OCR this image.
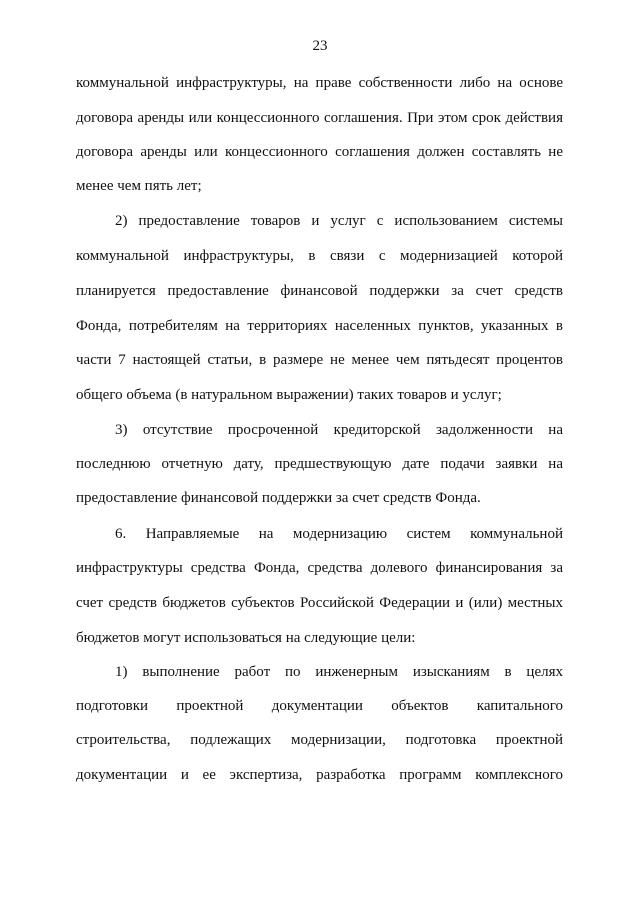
23
коммунальной инфраструктуры, на праве собственности либо на основе
договора аренды или концессионного соглашения. При этом срок действия
договора аренды или концессионного соглашения должен составлять не
менее чем пять лет;
2) предоставление товаров и услуг с использованием системы
коммунальной инфраструктуры, в связи с модернизацией которой
планируется предоставление финансовой поддержки за счет средств
Фонда, потребителям на территориях населенных пунктов, указанных в
части 7 настоящей статьи, в размере не менее чем пятьдесят процентов
общего объема (в натуральном выражении) таких товаров и услуг;
3) отсутствие просроченной кредиторской задолженности на
последнюю отчетную дату, предшествующую дате подачи заявки на
предоставление финансовой поддержки за счет средств Фонда.
6. Направляемые на модернизацию систем коммунальной
инфраструктуры средства Фонда, средства долевого финансирования за
счет средств бюджетов субъектов Российской Федерации и (или) местных
бюджетов могут использоваться на следующие цели:
1) выполнение работ по инженерным изысканиям в целях
подготовки проектной документации объектов капитального
строительства, подлежащих модернизации, подготовка проектной
документации и ее экспертиза, разработка программ комплексного
